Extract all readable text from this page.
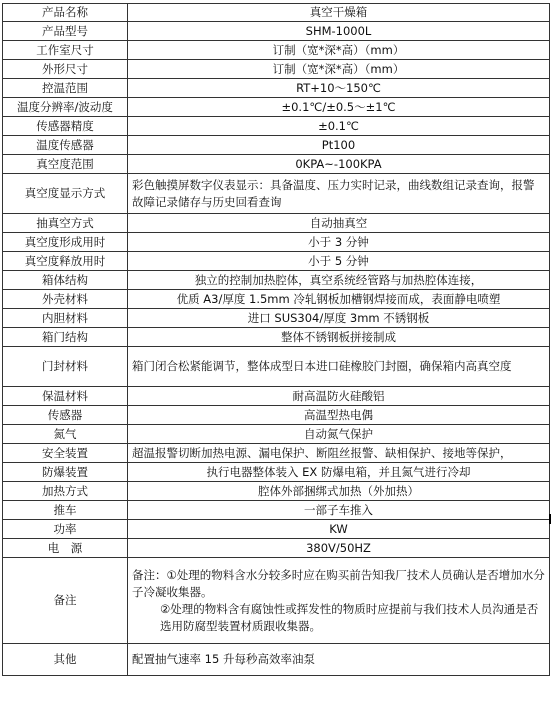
产品名称	真空干燥箱
产品型号	SHM-1000L
工作室尺寸	订制（宽*深*高）（mm）
外形尺寸	订制（宽*深*高）（mm）
控温范围	RT+10～150℃
温度分辨率/波动度	±0.1℃/±0.5～±1℃
传感器精度	±0.1℃
温度传感器	Pt100
真空度范围	0KPA~-100KPA
真空度显示方式	彩色触摸屏数字仪表显示：具备温度、压力实时记录，曲线数组记录查询，报警故障记录储存与历史回看查询
抽真空方式	自动抽真空
真空度形成用时	小于 3 分钟
真空度释放用时	小于 5 分钟
箱体结构	独立的控制加热腔体，真空系统经管路与加热腔体连接，
外壳材料	优质 A3/厚度 1.5mm 冷轧钢板加槽钢焊接而成，表面静电喷塑
内胆材料	进口 SUS304/厚度 3mm 不锈钢板
箱门结构	整体不锈钢板拼接制成
门封材料	箱门闭合松紧能调节，整体成型日本进口硅橡胶门封圈，确保箱内高真空度
保温材料	耐高温防火硅酸铝
传感器	高温型热电偶
氮气	自动氮气保护
安全装置	超温报警切断加热电源、漏电保护、断阻丝报警、缺相保护、接地等保护，
防爆装置	执行电器整体装入 EX 防爆电箱，并且氮气进行冷却
加热方式	腔体外部捆绑式加热（外加热）
推车	一部子车推入
功率	KW
电　源	380V/50HZ
备注	备注：①处理的物料含水分较多时应在购买前告知我厂技术人员确认是否增加水分子冷凝收集器。
②处理的物料含有腐蚀性或挥发性的物质时应提前与我们技术人员沟通是否选用防腐型装置材质跟收集器。

其他	配置抽气速率 15 升每秒高效率油泵
